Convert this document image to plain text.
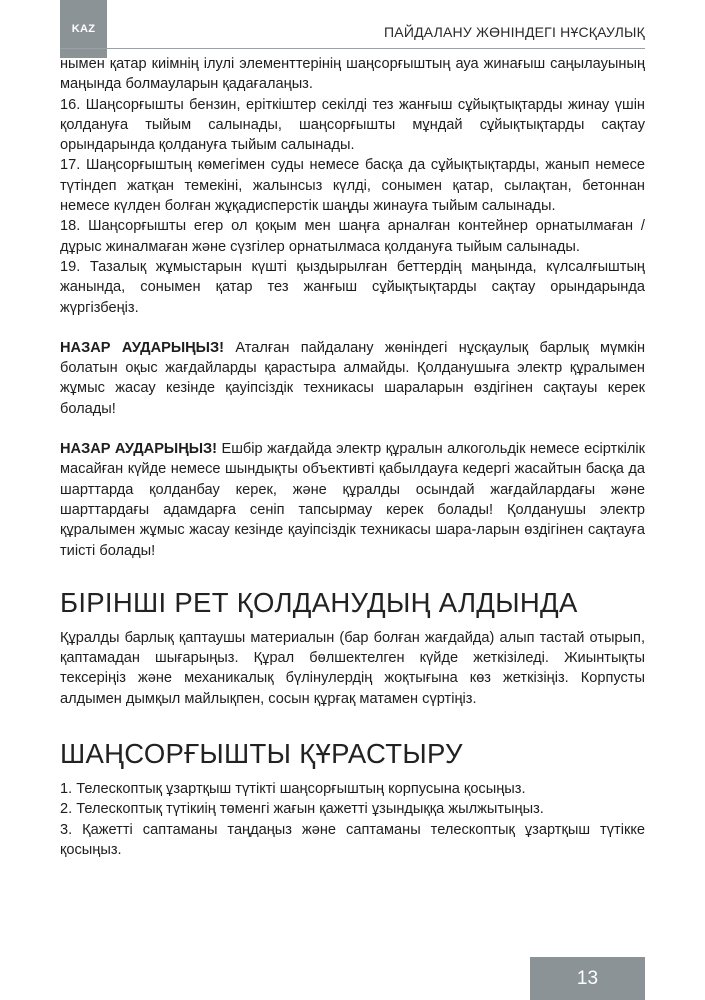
KAZ	ПАЙДАЛАНУ ЖӨНІНДЕГІ НҰСҚАУЛЫҚ

нымен қатар киімнің ілулі элементтерінің шаңсорғыштың ауа жинағыш саңылауының маңында болмауларын қадағалаңыз.

16. Шаңсорғышты бензин, еріткіштер секілді тез жанғыш сұйықтықтарды жинау үшін қолдануға тыйым салынады, шаңсорғышты мұндай сұйықтықтарды сақтау орындарында қолдануға тыйым салынады.

17. Шаңсорғыштың көмегімен суды немесе басқа да сұйықтықтарды, жанып немесе түтіндеп жатқан темекіні, жалынсыз күлді, сонымен қатар, сылақтан, бетоннан немесе күлден болған жұқадисперстік шаңды жинауға тыйым салынады.

18. Шаңсорғышты егер ол қоқым мен шаңға арналған контейнер орнатылмаған / дұрыс жиналмаған және сүзгілер орнатылмаса қолдануға тыйым салынады.

19. Тазалық жұмыстарын күшті қыздырылған беттердің маңында, күлсалғыштың жанында, сонымен қатар тез жанғыш сұйықтықтарды сақтау орындарында жүргізбеңіз.

НАЗАР АУДАРЫҢЫЗ! Аталған пайдалану жөніндегі нұсқаулық барлық мүмкін болатын оқыс жағдайларды қарастыра алмайды. Қолданушыға электр құралымен жұмыс жасау кезінде қауіпсіздік техникасы шараларын өздігінен сақтауы керек болады!

НАЗАР АУДАРЫҢЫЗ! Ешбір жағдайда электр құралын алкогольдік немесе есірткілік масайған күйде немесе шындықты объективті қабылдауға кедергі жасайтын басқа да шарттарда қолданбау керек, және құралды осындай жағдайлардағы және шарттардағы адамдарға сеніп тапсырмау керек болады! Қолданушы электр құралымен жұмыс жасау кезінде қауіпсіздік техникасы шара-ларын өздігінен сақтауға тиісті болады!

БІРІНШІ РЕТ ҚОЛДАНУДЫҢ АЛДЫНДА

Құралды барлық қаптаушы материалын (бар болған жағдайда) алып тастай отырып, қаптамадан шығарыңыз. Құрал бөлшектелген күйде жеткізіледі. Жиынтықты тексеріңіз және механикалық бүлінулердің жоқтығына көз жеткізіңіз. Корпусты алдымен дымқыл майлықпен, сосын құрғақ матамен сүртіңіз.

ШАҢСОРҒЫШТЫ ҚҰРАСТЫРУ

1. Телескоптық ұзартқыш түтікті шаңсорғыштың корпусына қосыңыз.

2. Телескоптық түтікиің төменгі жағын қажетті ұзындыққа жылжытыңыз.

3. Қажетті саптаманы таңдаңыз және саптаманы телескоптық ұзартқыш түтікке қосыңыз.

13
